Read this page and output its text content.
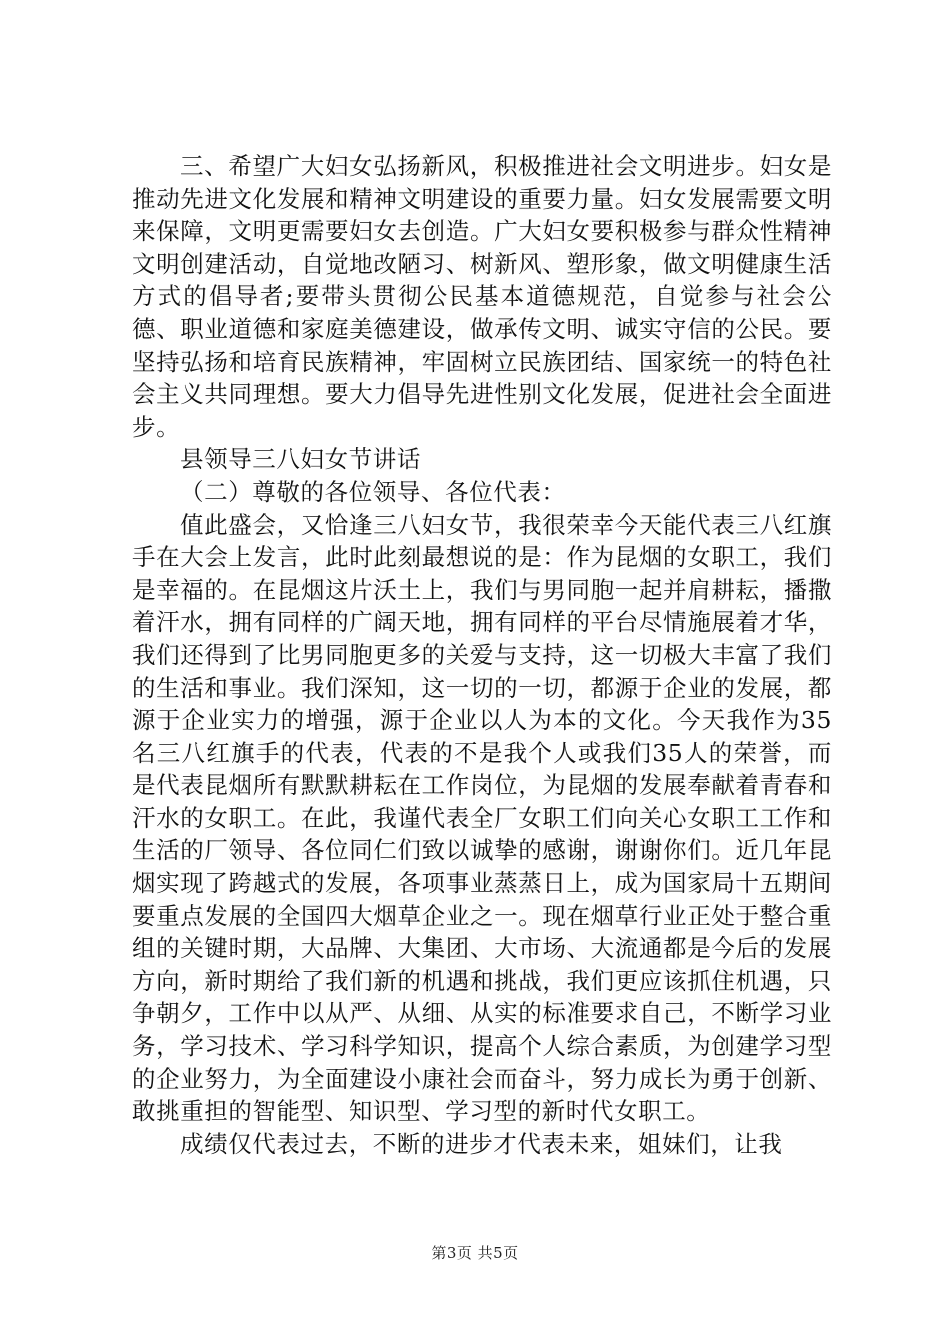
三、希望广大妇女弘扬新风，积极推进社会文明进步。妇女是推动先进文化发展和精神文明建设的重要力量。妇女发展需要文明来保障，文明更需要妇女去创造。广大妇女要积极参与群众性精神文明创建活动，自觉地改陋习、树新风、塑形象，做文明健康生活方式的倡导者;要带头贯彻公民基本道德规范，自觉参与社会公德、职业道德和家庭美德建设，做承传文明、诚实守信的公民。要坚持弘扬和培育民族精神，牢固树立民族团结、国家统一的特色社会主义共同理想。要大力倡导先进性别文化发展，促进社会全面进步。

县领导三八妇女节讲话

（二）尊敬的各位领导、各位代表：

值此盛会，又恰逢三八妇女节，我很荣幸今天能代表三八红旗手在大会上发言，此时此刻最想说的是：作为昆烟的女职工，我们是幸福的。在昆烟这片沃土上，我们与男同胞一起并肩耕耘，播撒着汗水，拥有同样的广阔天地，拥有同样的平台尽情施展着才华，我们还得到了比男同胞更多的关爱与支持，这一切极大丰富了我们的生活和事业。我们深知，这一切的一切，都源于企业的发展，都源于企业实力的增强，源于企业以人为本的文化。今天我作为35名三八红旗手的代表，代表的不是我个人或我们35人的荣誉，而是代表昆烟所有默默耕耘在工作岗位，为昆烟的发展奉献着青春和汗水的女职工。在此，我谨代表全厂女职工们向关心女职工工作和生活的厂领导、各位同仁们致以诚挚的感谢，谢谢你们。近几年昆烟实现了跨越式的发展，各项事业蒸蒸日上，成为国家局十五期间要重点发展的全国四大烟草企业之一。现在烟草行业正处于整合重组的关键时期，大品牌、大集团、大市场、大流通都是今后的发展方向，新时期给了我们新的机遇和挑战，我们更应该抓住机遇，只争朝夕，工作中以从严、从细、从实的标准要求自己，不断学习业务，学习技术、学习科学知识，提高个人综合素质，为创建学习型的企业努力，为全面建设小康社会而奋斗，努力成长为勇于创新、敢挑重担的智能型、知识型、学习型的新时代女职工。

成绩仅代表过去，不断的进步才代表未来，姐妹们，让我

第3页 共5页
